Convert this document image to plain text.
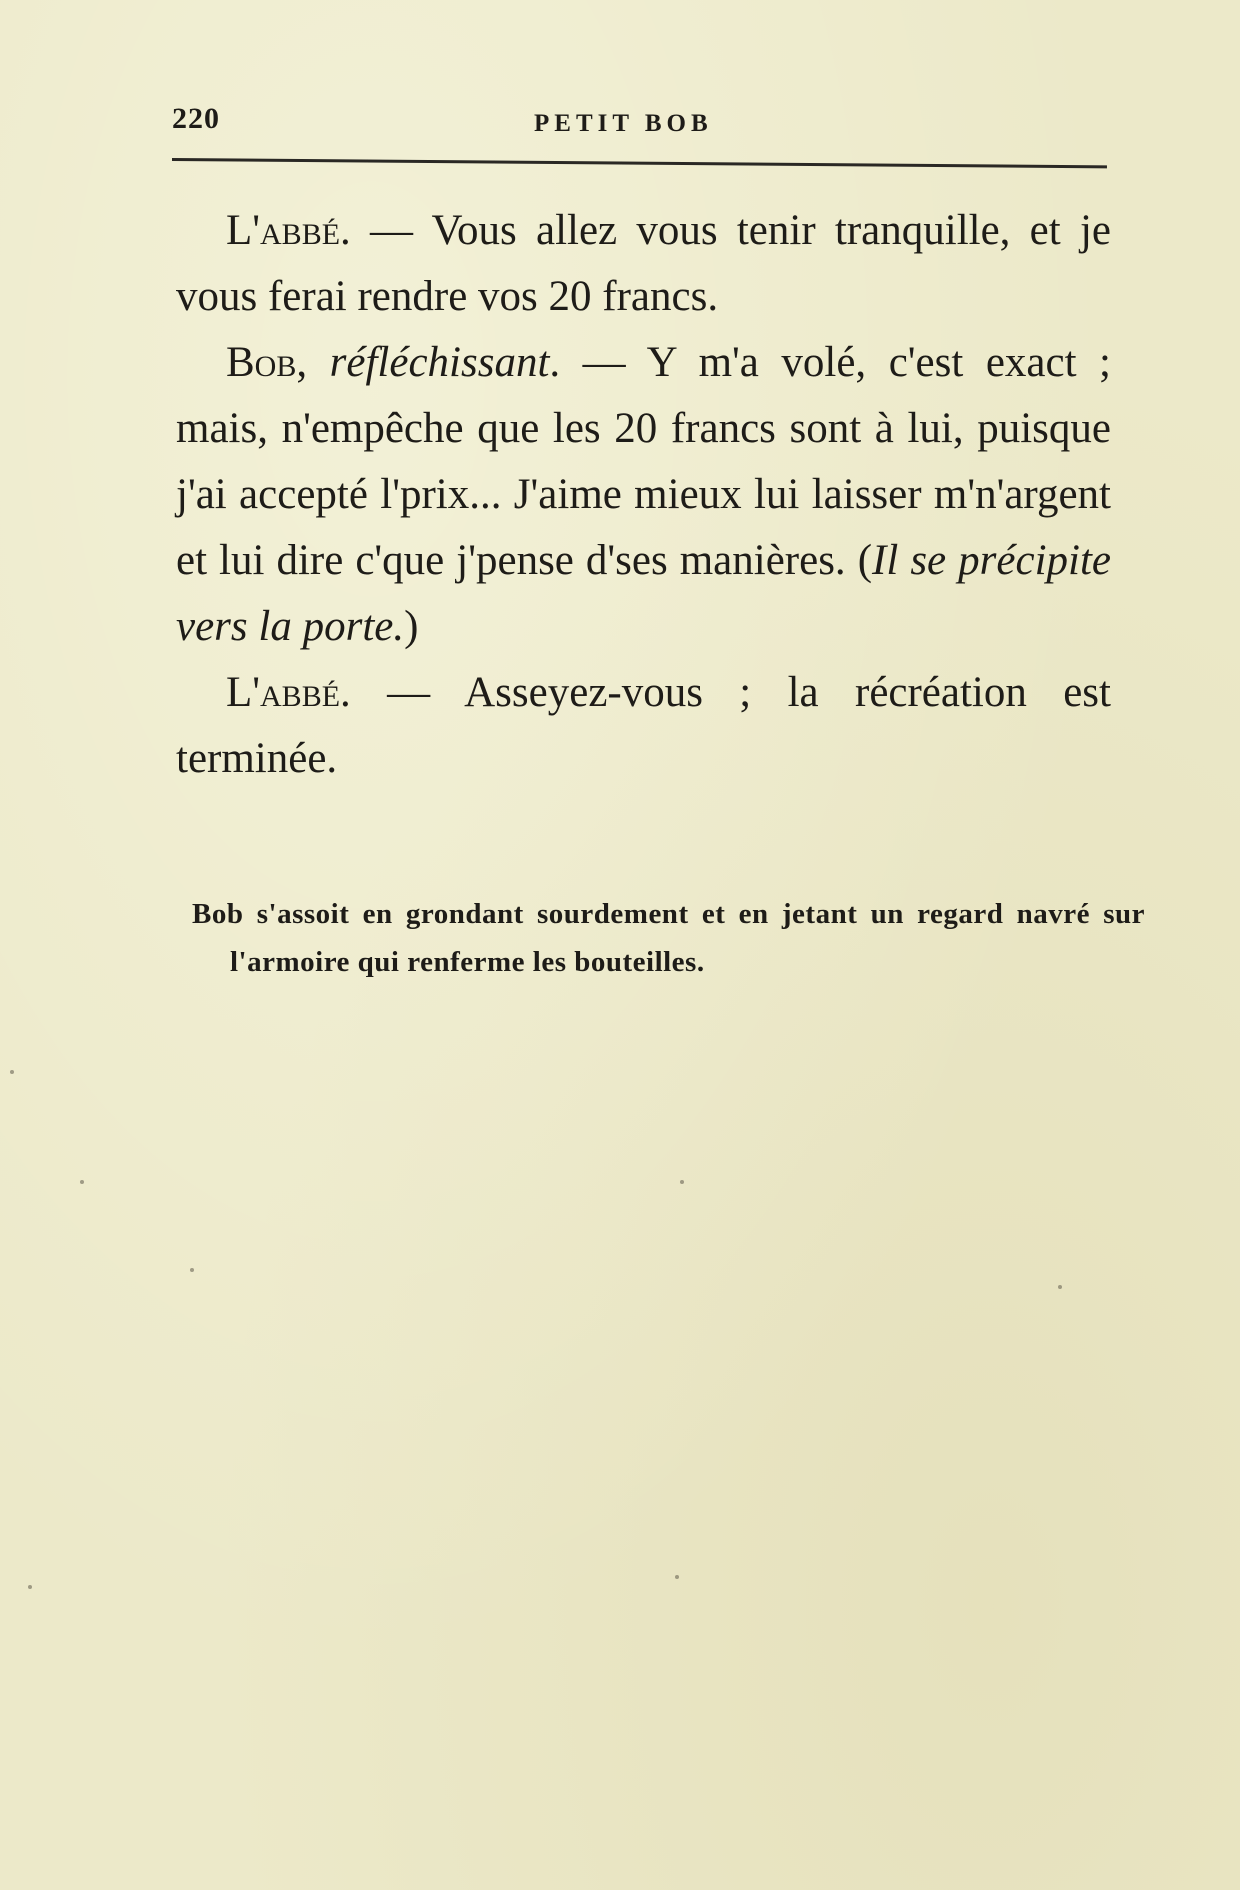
220	PETIT BOB

L'abbé. — Vous allez vous tenir tranquille, et je vous ferai rendre vos 20 francs.

Bob, réfléchissant. — Y m'a volé, c'est exact ; mais, n'empêche que les 20 francs sont à lui, puisque j'ai accepté l'prix... J'aime mieux lui laisser m'n'argent et lui dire c'que j'pense d'ses manières. (Il se précipite vers la porte.)

L'abbé. — Asseyez-vous ; la récréation est terminée.

Bob s'assoit en grondant sourdement et en jetant un regard navré sur l'armoire qui renferme les bouteilles.
